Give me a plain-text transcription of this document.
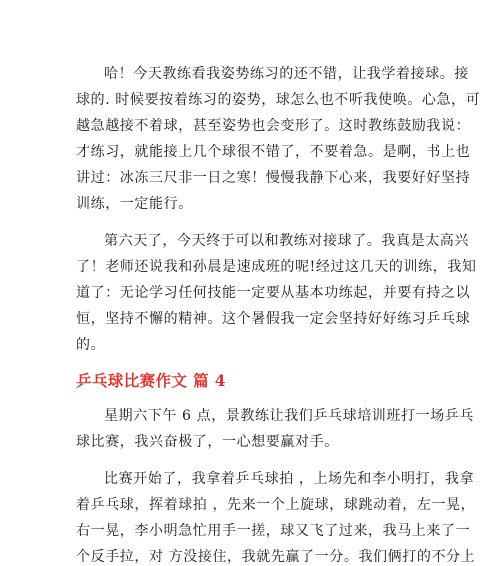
哈！今天教练看我姿势练习的还不错，让我学着接球。接
球的. 时候要按着练习的姿势，球怎么也不听我使唤。心急，可
越急越接不着球，甚至姿势也会变形了。这时教练鼓励我说：
才练习，就能接上几个球很不错了，不要着急。是啊，书上也
讲过：冰冻三尺非一日之寒！慢慢我静下心来，我要好好坚持
训练，一定能行。
第六天了，今天终于可以和教练对接球了。我真是太高兴
了！老师还说我和孙晨是速成班的呢!经过这几天的训练，我知
道了：无论学习任何技能一定要从基本功练起，并要有持之以
恒，坚持不懈的精神。这个暑假我一定会坚持好好练习乒乓球
的。
乒乓球比赛作文 篇 4
星期六下午 6 点，景教练让我们乒乓球培训班打一场乒乓
球比赛，我兴奋极了，一心想要赢对手。
比赛开始了，我拿着乒乓球拍 ，上场先和李小明打，我拿
着乒乓球，挥着球拍 ，先来一个上旋球，球跳动着，左一晃，
右一晃，李小明急忙用手一搓，球又飞了过来，我马上来了一
个反手拉，对 方没接住，我就先赢了一分。我们俩打的不分上
